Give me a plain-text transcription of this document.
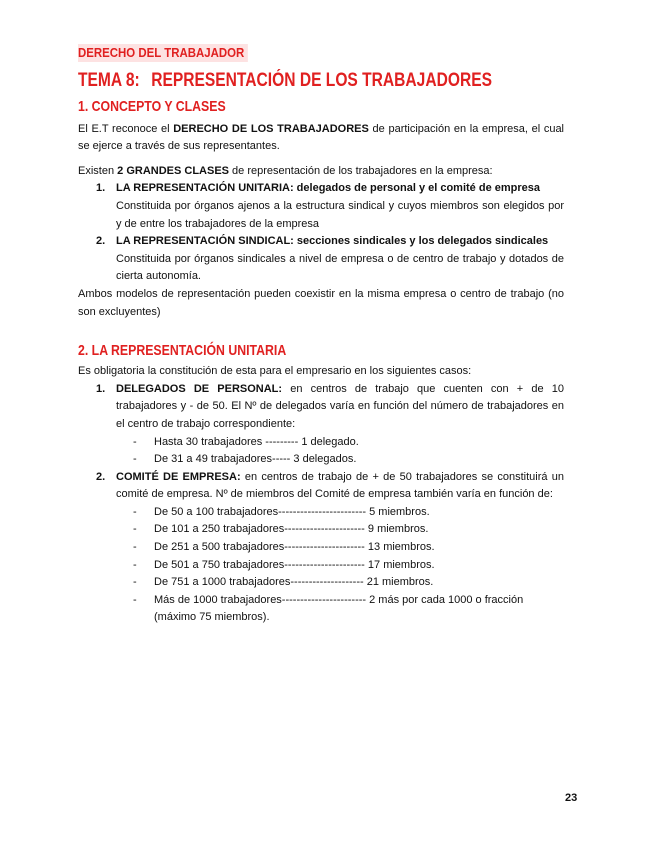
DERECHO DEL TRABAJADOR
TEMA 8: REPRESENTACIÓN DE LOS TRABAJADORES
1. CONCEPTO Y CLASES

El E.T reconoce el DERECHO DE LOS TRABAJADORES de participación en la empresa, el cual se ejerce a través de sus representantes.

Existen 2 GRANDES CLASES de representación de los trabajadores en la empresa:

1. LA REPRESENTACIÓN UNITARIA: delegados de personal y el comité de empresa
Constituida por órganos ajenos a la estructura sindical y cuyos miembros son elegidos por y de entre los trabajadores de la empresa
2. LA REPRESENTACIÓN SINDICAL: secciones sindicales y los delegados sindicales
Constituida por órganos sindicales a nivel de empresa o de centro de trabajo y dotados de cierta autonomía.

Ambos modelos de representación pueden coexistir en la misma empresa o centro de trabajo (no son excluyentes)

2. LA REPRESENTACIÓN UNITARIA

Es obligatoria la constitución de esta para el empresario en los siguientes casos:

1. DELEGADOS DE PERSONAL: en centros de trabajo que cuenten con + de 10 trabajadores y - de 50. El Nº de delegados varía en función del número de trabajadores en el centro de trabajo correspondiente:
- Hasta 30 trabajadores --------- 1 delegado.
- De 31 a 49 trabajadores----- 3 delegados.
2. COMITÉ DE EMPRESA: en centros de trabajo de + de 50 trabajadores se constituirá un comité de empresa. Nº de miembros del Comité de empresa también varía en función de:
- De 50 a 100 trabajadores------------------------ 5 miembros.
- De 101 a 250 trabajadores---------------------- 9 miembros.
- De 251 a 500 trabajadores---------------------- 13 miembros.
- De 501 a 750 trabajadores---------------------- 17 miembros.
- De 751 a 1000 trabajadores-------------------- 21 miembros.
- Más de 1000 trabajadores----------------------- 2 más por cada 1000 o fracción (máximo 75 miembros).
23
